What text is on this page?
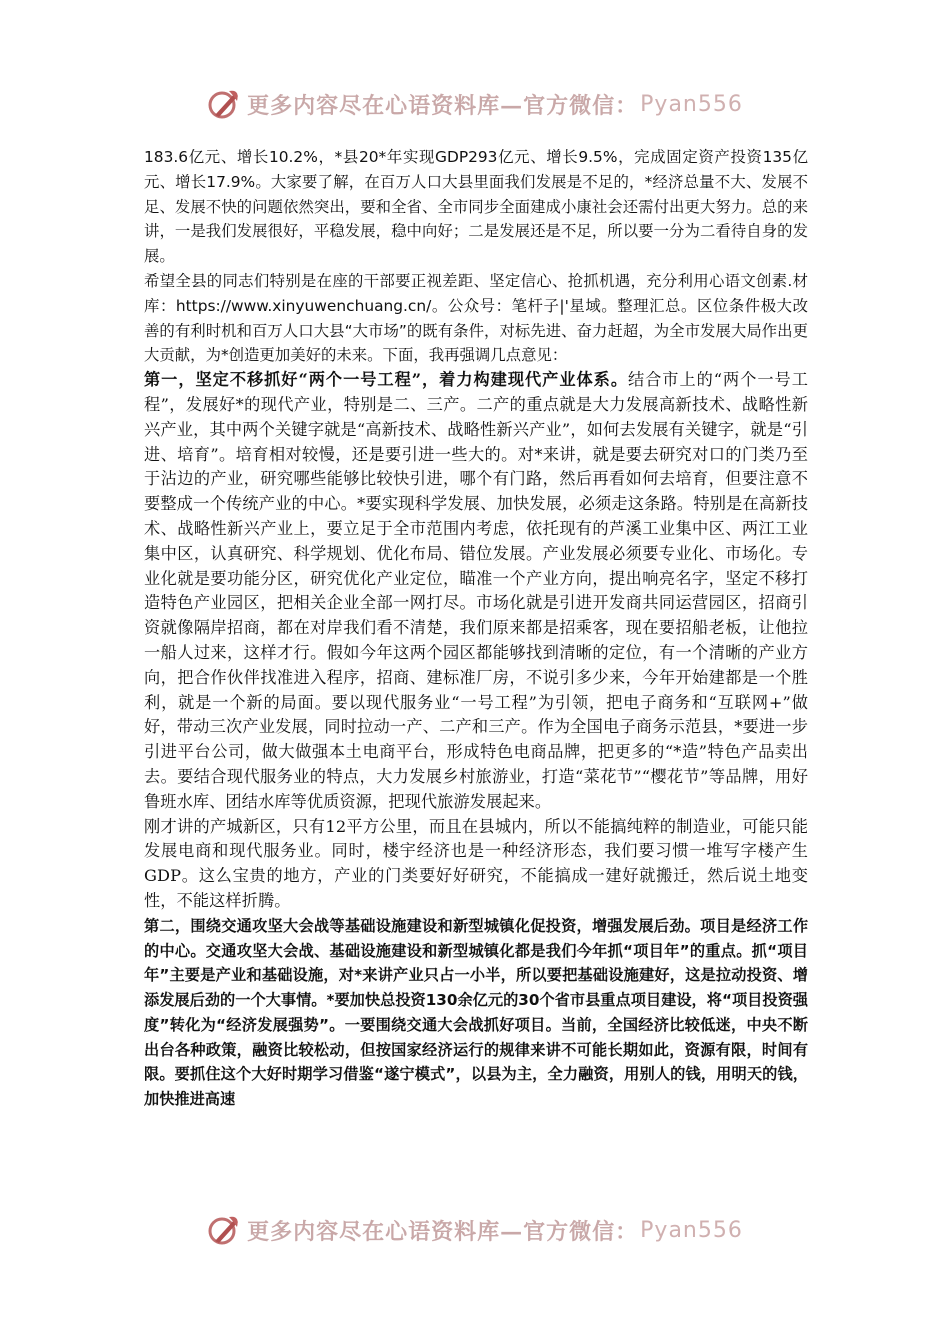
更多内容尽在心语资料库—官方微信： Pyan556

183.6亿元、增长10.2%，*县20*年实现GDP293亿元、增长9.5%，完成固定资产投资135亿元、增长17.9%。大家要了解，在百万人口大县里面我们发展是不足的，*经济总量不大、发展不足、发展不快的问题依然突出，要和全省、全市同步全面建成小康社会还需付出更大努力。总的来讲，一是我们发展很好，平稳发展，稳中向好；二是发展还是不足，所以要一分为二看待自身的发展。

希望全县的同志们特别是在座的干部要正视差距、坚定信心、抢抓机遇，充分利用心语文创素.材库：https://www.xinyuwenchuang.cn/。公众号：笔杆子|'星域。整理汇总。区位条件极大改善的有利时机和百万人口大县“大市场”的既有条件，对标先进、奋力赶超，为全市发展大局作出更大贡献，为*创造更加美好的未来。下面，我再强调几点意见：

第一，坚定不移抓好“两个一号工程”，着力构建现代产业体系。结合市上的“两个一号工程”，发展好*的现代产业，特别是二、三产。二产的重点就是大力发展高新技术、战略性新兴产业，其中两个关键字就是“高新技术、战略性新兴产业”，如何去发展有关键字，就是“引进、培育”。培育相对较慢，还是要引进一些大的。对*来讲，就是要去研究对口的门类乃至于沾边的产业，研究哪些能够比较快引进，哪个有门路，然后再看如何去培育，但要注意不要整成一个传统产业的中心。*要实现科学发展、加快发展，必须走这条路。特别是在高新技术、战略性新兴产业上，要立足于全市范围内考虑，依托现有的芦溪工业集中区、两江工业集中区，认真研究、科学规划、优化布局、错位发展。产业发展必须要专业化、市场化。专业化就是要功能分区，研究优化产业定位，瞄准一个产业方向，提出响亮名字，坚定不移打造特色产业园区，把相关企业全部一网打尽。市场化就是引进开发商共同运营园区，招商引资就像隔岸招商，都在对岸我们看不清楚，我们原来都是招乘客，现在要招船老板，让他拉一船人过来，这样才行。假如今年这两个园区都能够找到清晰的定位，有一个清晰的产业方向，把合作伙伴找准进入程序，招商、建标准厂房，不说引多少来，今年开始建都是一个胜利，就是一个新的局面。要以现代服务业“一号工程”为引领，把电子商务和“互联网+”做好，带动三次产业发展，同时拉动一产、二产和三产。作为全国电子商务示范县，*要进一步引进平台公司，做大做强本土电商平台，形成特色电商品牌，把更多的“*造”特色产品卖出去。要结合现代服务业的特点，大力发展乡村旅游业，打造“菜花节”“樱花节”等品牌，用好鲁班水库、团结水库等优质资源，把现代旅游发展起来。

刚才讲的产城新区，只有12平方公里，而且在县城内，所以不能搞纯粹的制造业，可能只能发展电商和现代服务业。同时，楼宇经济也是一种经济形态，我们要习惯一堆写字楼产生GDP。这么宝贵的地方，产业的门类要好好研究，不能搞成一建好就搬迁，然后说土地变性，不能这样折腾。

第二，围绕交通攻坚大会战等基础设施建设和新型城镇化促投资，增强发展后劲。项目是经济工作的中心。交通攻坚大会战、基础设施建设和新型城镇化都是我们今年抓“项目年”的重点。抓“项目年”主要是产业和基础设施，对*来讲产业只占一小半，所以要把基础设施建好，这是拉动投资、增添发展后劲的一个大事情。*要加快总投资130余亿元的30个省市县重点项目建设，将“项目投资强度”转化为“经济发展强势”。一要围绕交通大会战抓好项目。当前，全国经济比较低迷，中央不断出台各种政策，融资比较松动，但按国家经济运行的规律来讲不可能长期如此，资源有限，时间有限。要抓住这个大好时期学习借鉴“遂宁模式”，以县为主，全力融资，用别人的钱，用明天的钱，加快推进高速

更多内容尽在心语资料库—官方微信： Pyan556
